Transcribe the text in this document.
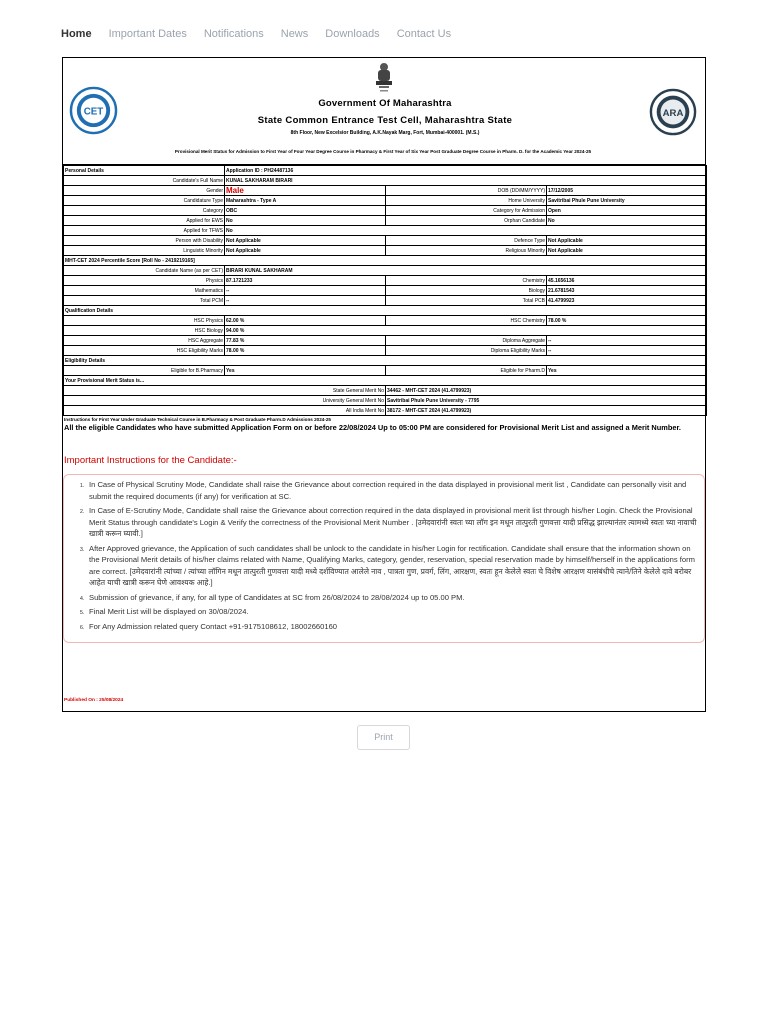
Home Important Dates Notifications News Downloads Contact Us
CET	ARA
Government Of Maharashtra
State Common Entrance Test Cell, Maharashtra State
8th Floor, New Excelsior Building, A.K.Nayak Marg, Fort, Mumbai-400001. (M.S.)
Provisional Merit Status for Admission to First Year of Four Year Degree Course in Pharmacy & First Year of Six Year Post Graduate Degree Course in Pharm. D. for the Academic Year 2024-25
Personal Details	Application ID : PH24487136		
Candidate's Full Name	KUNAL SAKHARAM BIRARI		
Gender	Male	DOB (DD/MM/YYYY)	17/12/2005
Candidature Type	Maharashtra - Type A	Home University	Savitribai Phule Pune University
Category	OBC	Category for Admission	Open
Applied for EWS	No	Orphan Candidate	No
Applied for TFWS	No		
Person with Disability	Not Applicable	Defence Type	Not Applicable
Linguistic Minority	Not Applicable	Religious Minority	Not Applicable
MHT-CET 2024 Percentile Score [Roll No - 2419219165]			
Candidate Name (as per CET)	BIRARI KUNAL SAKHARAM		
Physics	87.1721233	Chemistry	45.1656136
Mathematics	--	Biology	21.6781543
Total PCM	--	Total PCB	41.4799923
Qualification Details			
HSC Physics	62.00 %	HSC Chemistry	78.00 %
HSC Biology	94.00 %		
HSC Aggregate	77.83 %	Diploma Aggregate	--
HSC Eligibility Marks	78.00 %	Diploma Eligibility Marks	--
Eligibility Details			
Eligible for B.Pharmacy	Yes	Eligible for Pharm.D	Yes
Your Provisional Merit Status is...			
State General Merit No		34462 - MHT-CET 2024 (41.4799923)	
University General Merit No		Savitribai Phule Pune University - 7795	
All India Merit No		38172 - MHT-CET 2024 (41.4799923)	
Instructions for First Year Under Graduate Technical Course in B.Pharmacy & Post Graduate Pharm.D Admissions 2024-25
All the eligible Candidates who have submitted Application Form on or before 22/08/2024 Up to 05:00 PM are considered for Provisional Merit List and assigned a Merit Number.
Important Instructions for the Candidate:-
1. In Case of Physical Scrutiny Mode, Candidate shall raise the Grievance about correction required in the data displayed in provisional merit list , Candidate can personally visit and submit the required documents (if any) for verification at SC.
2. In Case of E-Scrutiny Mode, Candidate shall raise the Grievance about correction required in the data displayed in provisional merit list through his/her Login. Check the Provisional Merit Status through candidate's Login & Verify the correctness of the Provisional Merit Number . [उमेदवारांनी स्वतः च्या लॉग इन मधून तात्पुरती गुणवत्ता यादी प्रसिद्ध झाल्यानंतर त्यामध्ये स्वतः च्या नावाची खात्री करून घ्यावी.]
3. After Approved grievance, the Application of such candidates shall be unlock to the candidate in his/her Login for rectification. Candidate shall ensure that the information shown on the Provisional Merit details of his/her claims related with Name, Qualifying Marks, category, gender, reservation, special reservation made by himself/herself in the applications form are correct. [उमेदवारांनी त्यांच्या / त्यांच्या लॉगिन मधून तात्पुरती गुणवत्ता यादी मध्ये दर्शविण्यात आलेले नाव , पात्रता गुण, प्रवर्ग, लिंग, आरक्षण, स्वतः हून केलेले स्वतः चे विशेष आरक्षण यासंबंधीचे त्याने/तिने केलेले दावे बरोबर आहेत याची खात्री करून घेणे आवश्यक आहे.]
4. Submission of grievance, if any, for all type of Candidates at SC from 26/08/2024 to 28/08/2024 up to 05.00 PM.
5. Final Merit List will be displayed on 30/08/2024.
6. For Any Admission related query Contact +91-9175108612, 18002660160
Published On : 25/08/2024
Print
